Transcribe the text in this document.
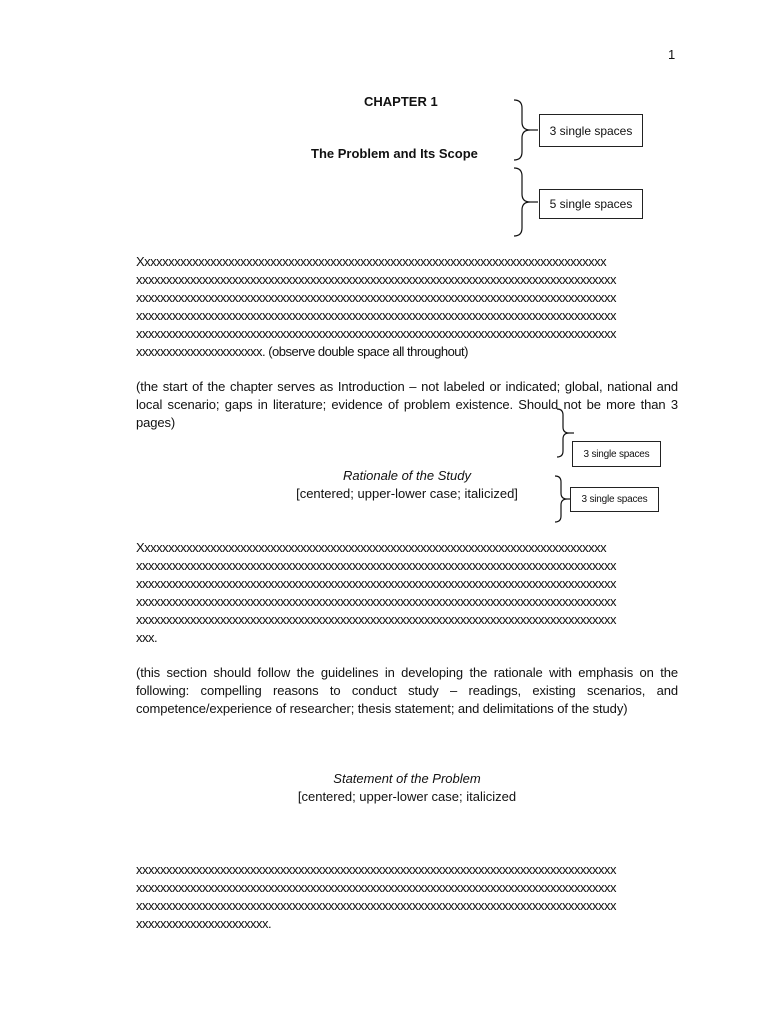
1
CHAPTER 1
The Problem and Its Scope
3 single spaces
5 single spaces
Xxxxxxxxxxxxxxxxxxxxxxxxxxxxxxxxxxxxxxxxxxxxxxxxxxxxxxxxxxxxxxxxxxxxxxxxxxxxxx
xxxxxxxxxxxxxxxxxxxxxxxxxxxxxxxxxxxxxxxxxxxxxxxxxxxxxxxxxxxxxxxxxxxxxxxxxxxxxxxx
xxxxxxxxxxxxxxxxxxxxxxxxxxxxxxxxxxxxxxxxxxxxxxxxxxxxxxxxxxxxxxxxxxxxxxxxxxxxxxxx
xxxxxxxxxxxxxxxxxxxxxxxxxxxxxxxxxxxxxxxxxxxxxxxxxxxxxxxxxxxxxxxxxxxxxxxxxxxxxxxx
xxxxxxxxxxxxxxxxxxxxxxxxxxxxxxxxxxxxxxxxxxxxxxxxxxxxxxxxxxxxxxxxxxxxxxxxxxxxxxxx
xxxxxxxxxxxxxxxxxxxxx. (observe double space all throughout)
(the start of the chapter serves as Introduction – not labeled or indicated; global, national and local scenario; gaps in literature; evidence of problem existence. Should not be more than 3 pages)
3 single spaces
Rationale of the Study
[centered; upper-lower case; italicized]	3 single spaces
Xxxxxxxxxxxxxxxxxxxxxxxxxxxxxxxxxxxxxxxxxxxxxxxxxxxxxxxxxxxxxxxxxxxxxxxxxxxxxx
xxxxxxxxxxxxxxxxxxxxxxxxxxxxxxxxxxxxxxxxxxxxxxxxxxxxxxxxxxxxxxxxxxxxxxxxxxxxxxxx
xxxxxxxxxxxxxxxxxxxxxxxxxxxxxxxxxxxxxxxxxxxxxxxxxxxxxxxxxxxxxxxxxxxxxxxxxxxxxxxx
xxxxxxxxxxxxxxxxxxxxxxxxxxxxxxxxxxxxxxxxxxxxxxxxxxxxxxxxxxxxxxxxxxxxxxxxxxxxxxxx
xxxxxxxxxxxxxxxxxxxxxxxxxxxxxxxxxxxxxxxxxxxxxxxxxxxxxxxxxxxxxxxxxxxxxxxxxxxxxxxx
xxx.
(this section should follow the guidelines in developing the rationale with emphasis on the following: compelling reasons to conduct study – readings, existing scenarios, and competence/experience of researcher; thesis statement; and delimitations of the study)
Statement of the Problem
[centered; upper-lower case; italicized
xxxxxxxxxxxxxxxxxxxxxxxxxxxxxxxxxxxxxxxxxxxxxxxxxxxxxxxxxxxxxxxxxxxxxxxxxxxxxxxx
xxxxxxxxxxxxxxxxxxxxxxxxxxxxxxxxxxxxxxxxxxxxxxxxxxxxxxxxxxxxxxxxxxxxxxxxxxxxxxxx
xxxxxxxxxxxxxxxxxxxxxxxxxxxxxxxxxxxxxxxxxxxxxxxxxxxxxxxxxxxxxxxxxxxxxxxxxxxxxxxx
xxxxxxxxxxxxxxxxxxxxxx.
